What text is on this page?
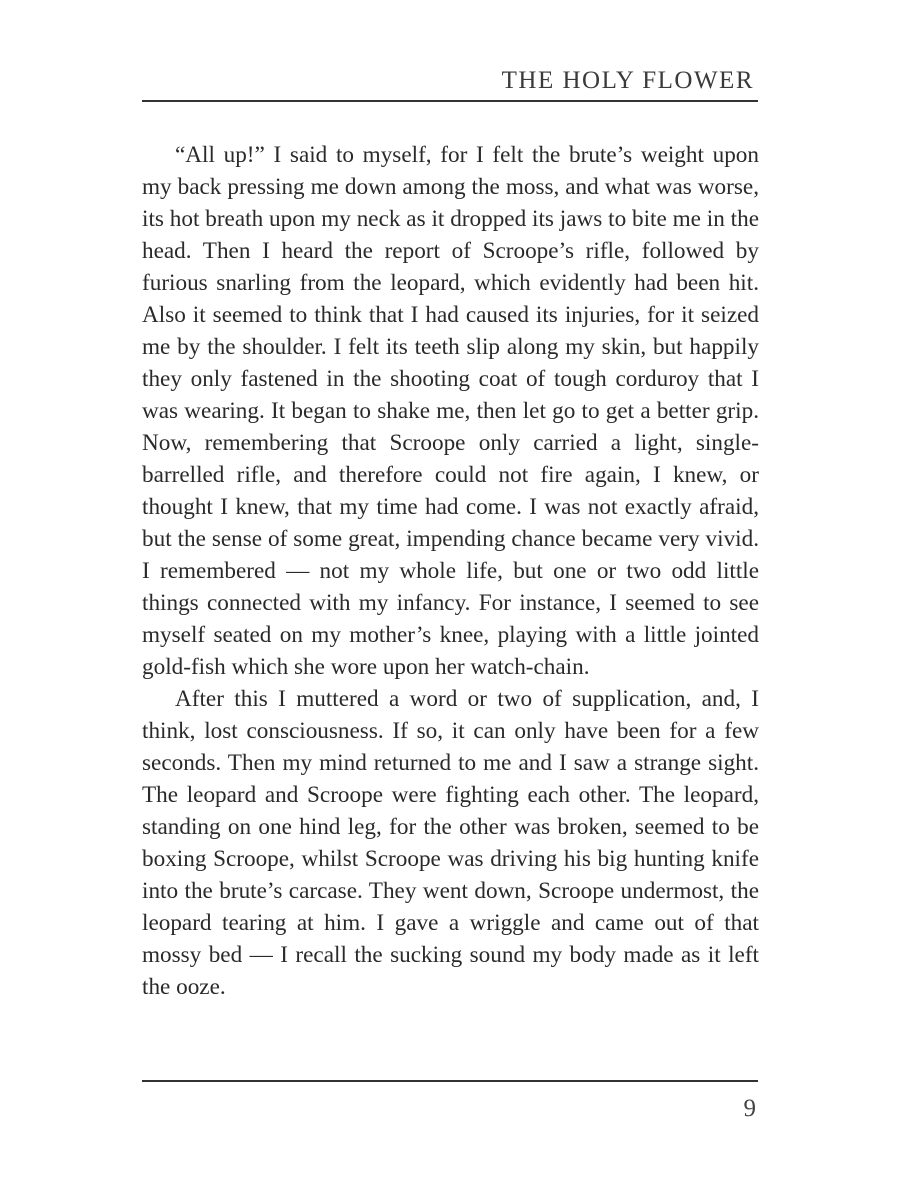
THE HOLY FLOWER

“All up!” I said to myself, for I felt the brute’s weight upon my back pressing me down among the moss, and what was worse, its hot breath upon my neck as it dropped its jaws to bite me in the head. Then I heard the report of Scroope’s rifle, followed by furious snarling from the leopard, which evidently had been hit. Also it seemed to think that I had caused its injuries, for it seized me by the shoulder. I felt its teeth slip along my skin, but happily they only fastened in the shooting coat of tough corduroy that I was wearing. It began to shake me, then let go to get a better grip. Now, remembering that Scroope only carried a light, single-barrelled rifle, and therefore could not fire again, I knew, or thought I knew, that my time had come. I was not exactly afraid, but the sense of some great, impending chance became very vivid. I remembered — not my whole life, but one or two odd little things connected with my infancy. For instance, I seemed to see myself seated on my mother’s knee, playing with a little jointed gold-fish which she wore upon her watch-chain.

After this I muttered a word or two of supplication, and, I think, lost consciousness. If so, it can only have been for a few seconds. Then my mind returned to me and I saw a strange sight. The leopard and Scroope were fighting each other. The leopard, standing on one hind leg, for the other was broken, seemed to be boxing Scroope, whilst Scroope was driving his big hunting knife into the brute’s carcase. They went down, Scroope undermost, the leopard tearing at him. I gave a wriggle and came out of that mossy bed — I recall the sucking sound my body made as it left the ooze.

9
